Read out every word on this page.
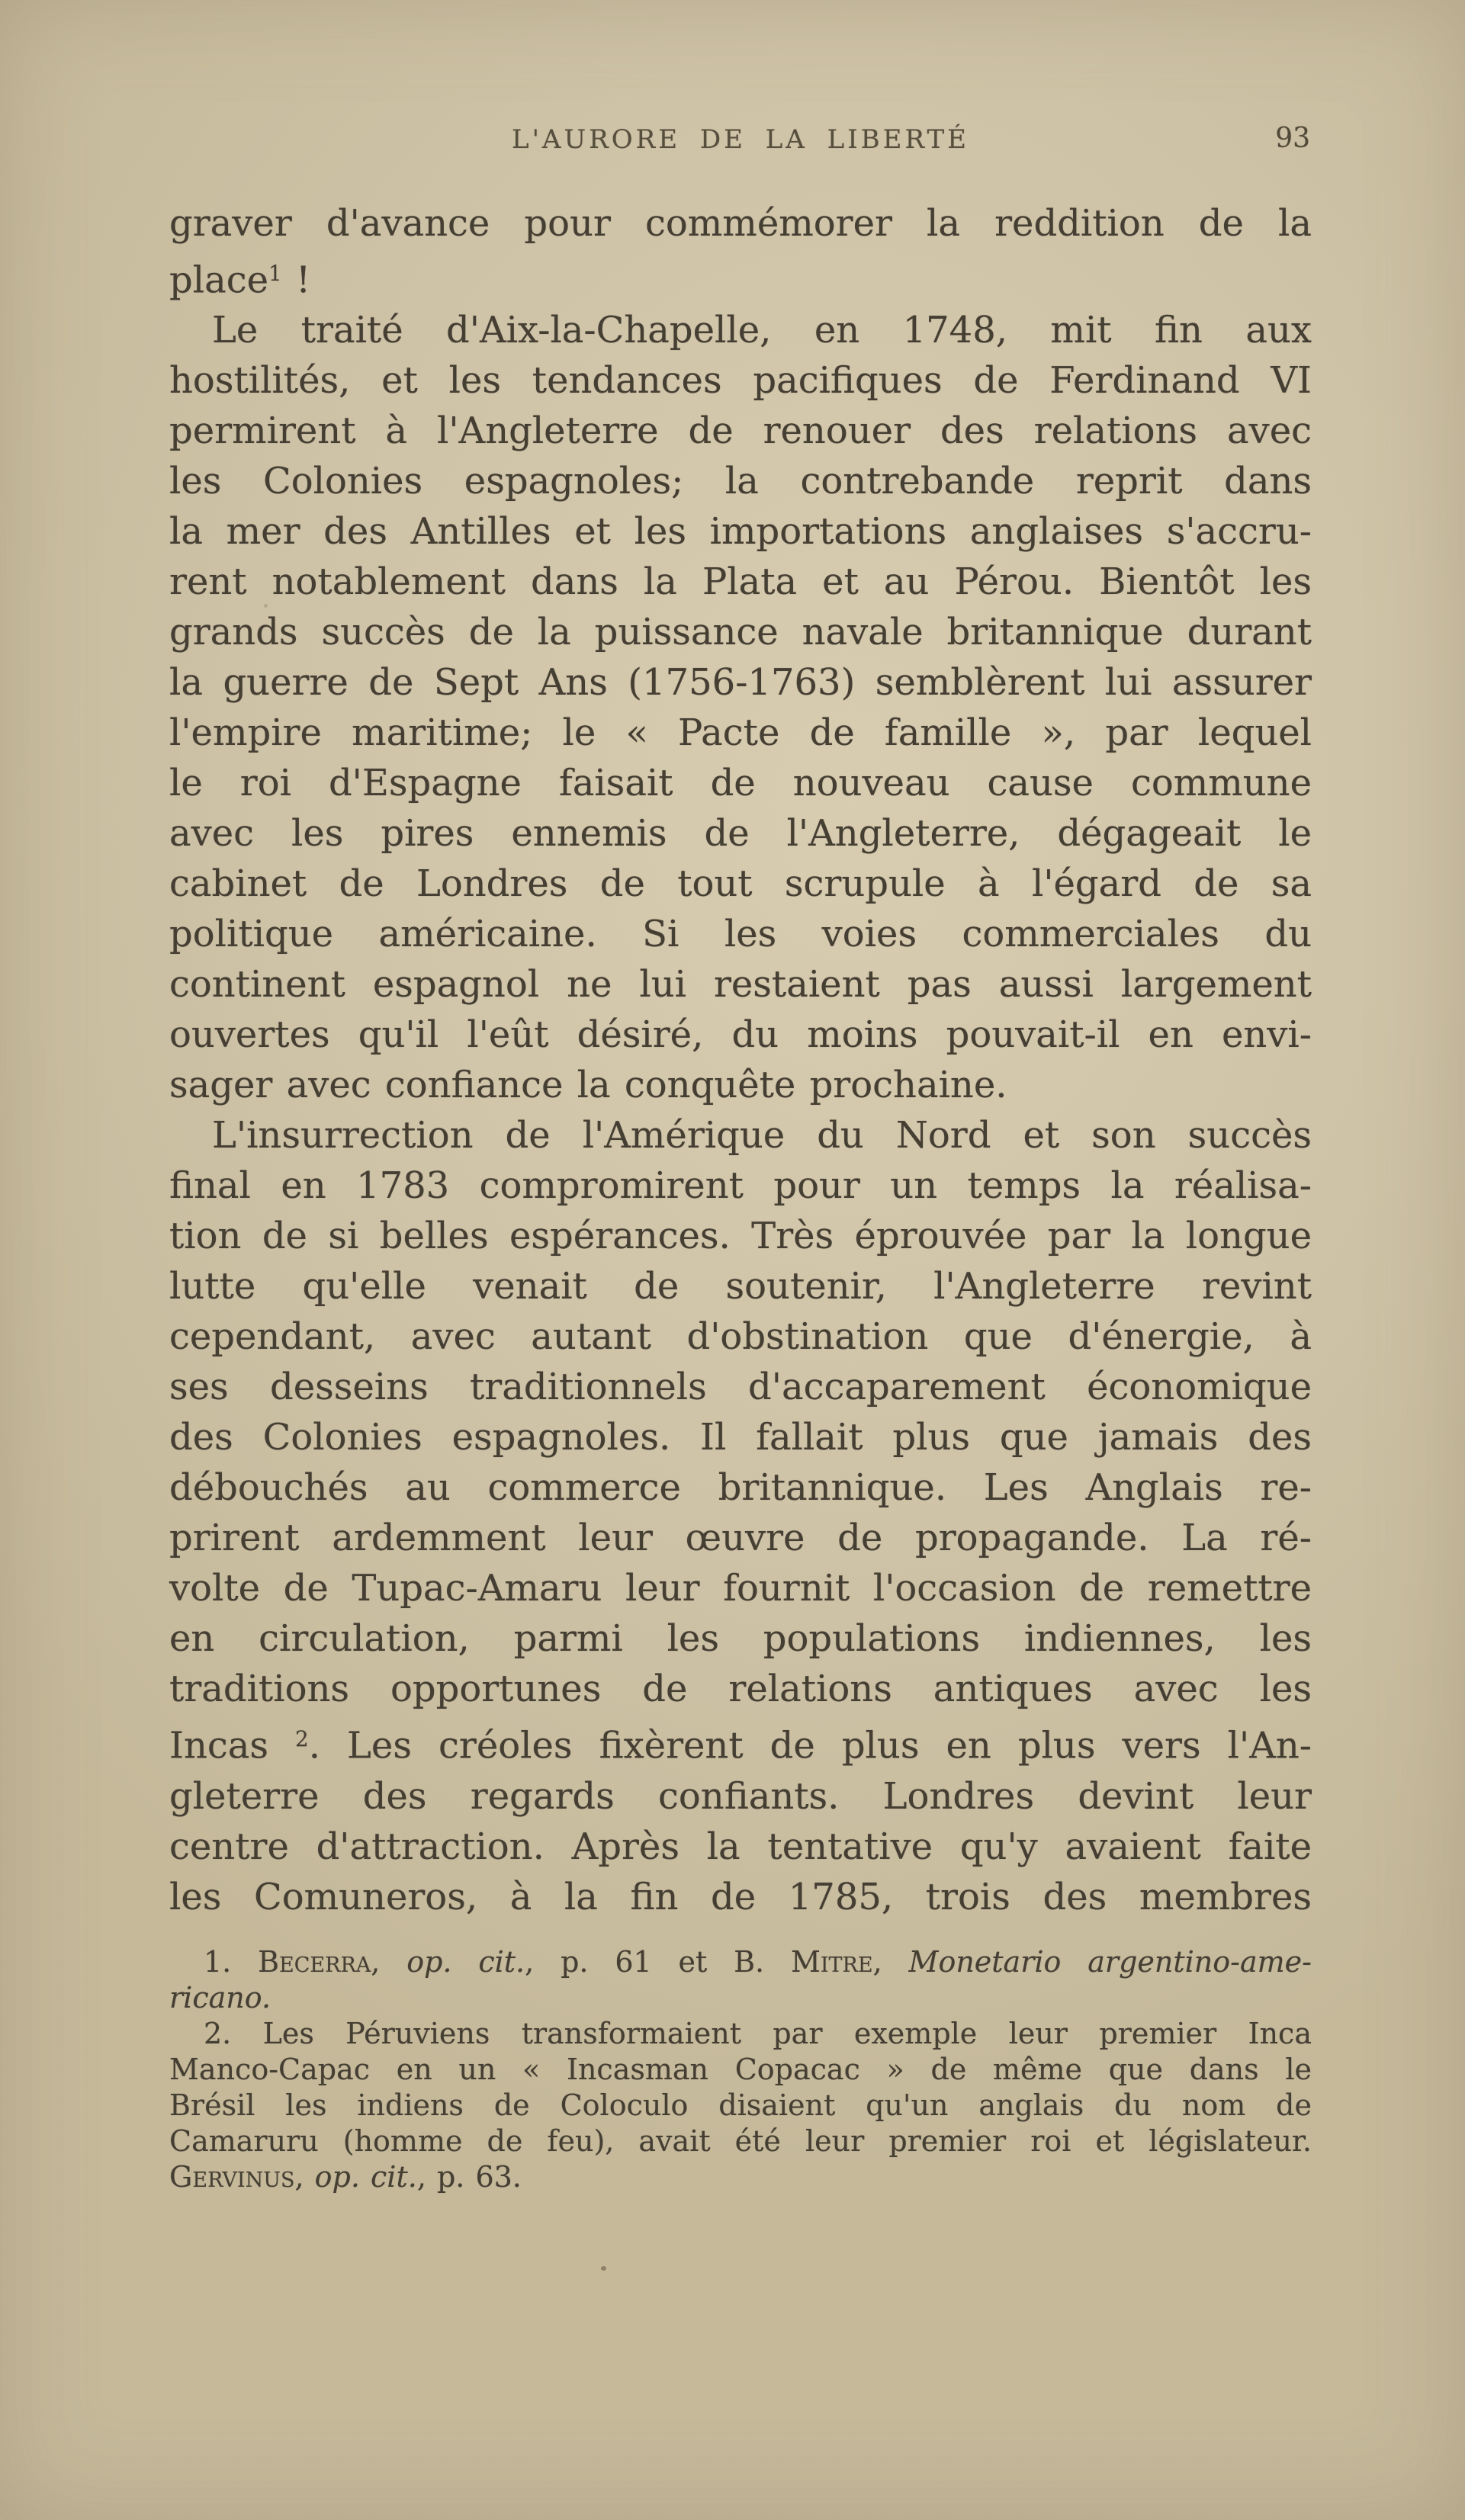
L'AURORE DE LA LIBERTÉ	93
graver d'avance pour commémorer la reddition de la
place$^1$ !
Le traité d'Aix-la-Chapelle, en 1748, mit fin aux
hostilités, et les tendances pacifiques de Ferdinand VI
permirent à l'Angleterre de renouer des relations avec
les Colonies espagnoles; la contrebande reprit dans
la mer des Antilles et les importations anglaises s'accru-
rent notablement dans la Plata et au Pérou. Bientôt les
grands succès de la puissance navale britannique durant
la guerre de Sept Ans (1756-1763) semblèrent lui assurer
l'empire maritime; le « Pacte de famille », par lequel
le roi d'Espagne faisait de nouveau cause commune
avec les pires ennemis de l'Angleterre, dégageait le
cabinet de Londres de tout scrupule à l'égard de sa
politique américaine. Si les voies commerciales du
continent espagnol ne lui restaient pas aussi largement
ouvertes qu'il l'eût désiré, du moins pouvait-il en envi-
sager avec confiance la conquête prochaine.
L'insurrection de l'Amérique du Nord et son succès
final en 1783 compromirent pour un temps la réalisa-
tion de si belles espérances. Très éprouvée par la longue
lutte qu'elle venait de soutenir, l'Angleterre revint
cependant, avec autant d'obstination que d'énergie, à
ses desseins traditionnels d'accaparement économique
des Colonies espagnoles. Il fallait plus que jamais des
débouchés au commerce britannique. Les Anglais re-
prirent ardemment leur œuvre de propagande. La ré-
volte de Tupac-Amaru leur fournit l'occasion de remettre
en circulation, parmi les populations indiennes, les
traditions opportunes de relations antiques avec les
Incas $^2$. Les créoles fixèrent de plus en plus vers l'An-
gleterre des regards confiants. Londres devint leur
centre d'attraction. Après la tentative qu'y avaient faite
les Comuneros, à la fin de 1785, trois des membres
1. Becerra, op. cit., p. 61 et B. Mitre, Monetario argentino-ame-
ricano.
2. Les Péruviens transformaient par exemple leur premier Inca
Manco-Capac en un « Incasman Copacac » de même que dans le
Brésil les indiens de Coloculo disaient qu'un anglais du nom de
Camaruru (homme de feu), avait été leur premier roi et législateur.
Gervinus, op. cit., p. 63.
